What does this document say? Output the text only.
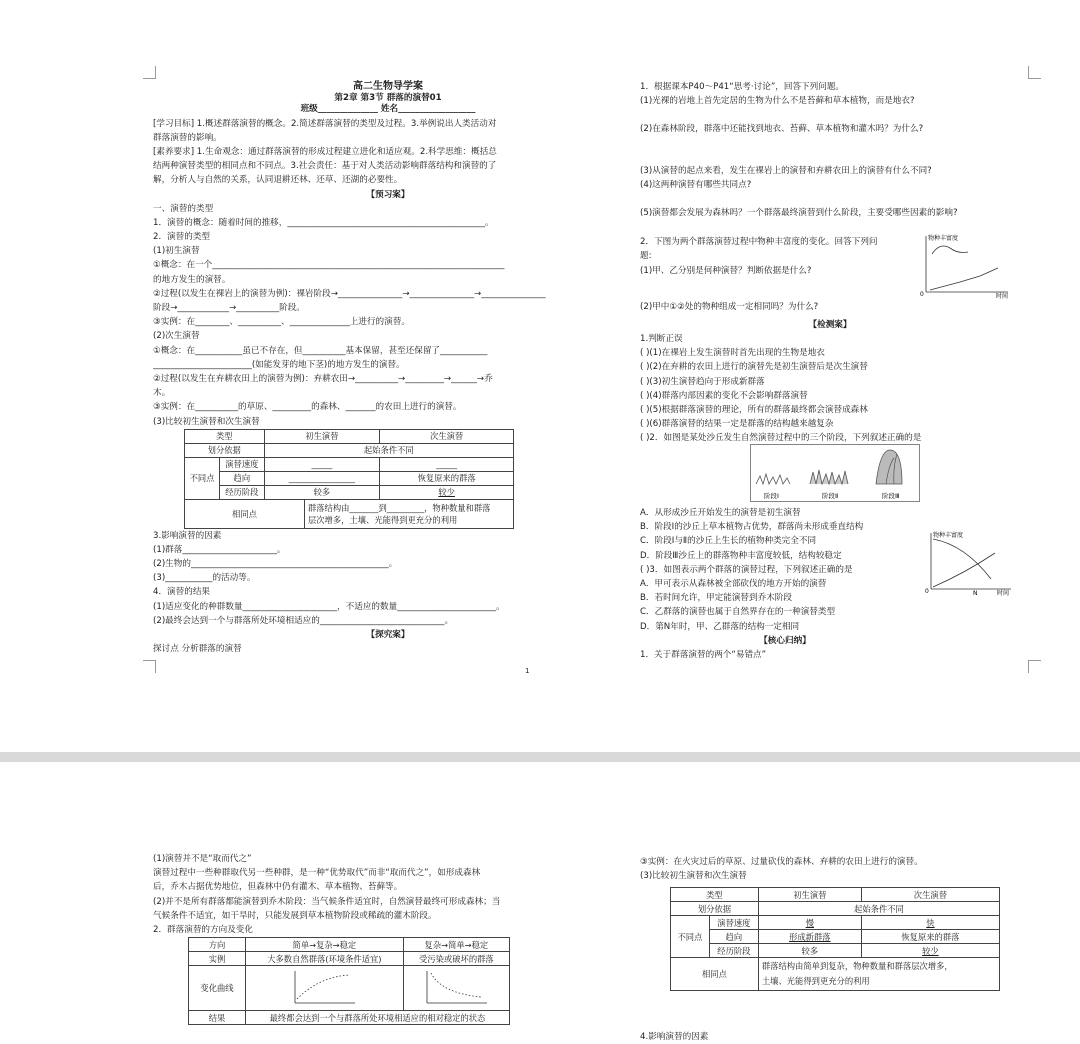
高二生物导学案
第2章 第3节 群落的演替01
班级______________ 姓名__________________
[学习目标] 1.概述群落演替的概念。2.简述群落演替的类型及过程。3.举例说出人类活动对
群落演替的影响。
[素养要求] 1.生命观念：通过群落演替的形成过程建立进化和适应观。2.科学思维：概括总
结两种演替类型的相同点和不同点。3.社会责任：基于对人类活动影响群落结构和演替的了
解，分析人与自然的关系，认同退耕还林、还草、还湖的必要性。
【预习案】
一、演替的类型
1．演替的概念：随着时间的推移，______________________________________________。
2．演替的类型
(1)初生演替
①概念：在一个____________________________________________________________________
的地方发生的演替。
②过程(以发生在裸岩上的演替为例)：裸岩阶段→_______________→_______________→_______________
阶段→____________→__________阶段。
③实例：在________、__________、______________上进行的演替。
(2)次生演替
①概念：在___________虽已不存在，但__________基本保留，甚至还保留了___________
_______________________(如能发芽的地下茎)的地方发生的演替。
②过程(以发生在弃耕农田上的演替为例)：弃耕农田→__________→_________→______→乔
木。
③实例：在__________的草原、_________的森林、_______的农田上进行的演替。
(3)比较初生演替和次生演替
类型		初生演替		次生演替
划分依据		起始条件不同		
不同点	演替速度	_____		_____
	趋向	________________		恢复原来的群落
	经历阶段	较多		较少
相同点			群落结构由_______到_________，物种数量和群落
层次增多，土壤、光能得到更充分的利用	
3.影响演替的因素
(1)群落______________________。
(2)生物的______________________________________________。
(3)___________的活动等。
4．演替的结果
(1)适应变化的种群数量______________________，不适应的数量_______________________。
(2)最终会达到一个与群落所处环境相适应的_____________________________。
【探究案】
探讨点 分析群落的演替
1
1．根据课本P40～P41“思考·讨论”，回答下列问题。
(1)光裸的岩地上首先定居的生物为什么不是苔藓和草本植物，而是地衣?
(2)在森林阶段，群落中还能找到地衣、苔藓、草本植物和灌木吗？为什么?
(3)从演替的起点来看，发生在裸岩上的演替和弃耕农田上的演替有什么不同?
(4)这两种演替有哪些共同点?
(5)演替都会发展为森林吗？一个群落最终演替到什么阶段，主要受哪些因素的影响?
2．下图为两个群落演替过程中物种丰富度的变化。回答下列问
题:
(1)甲、乙分别是何种演替？判断依据是什么?
(2)甲中①②处的物种组成一定相同吗？为什么?
物种丰富度
时间
0
【检测案】
1.判断正误
( )(1)在裸岩上发生演替时首先出现的生物是地衣
( )(2)在弃耕的农田上进行的演替先是初生演替后是次生演替
( )(3)初生演替趋向于形成新群落
( )(4)群落内部因素的变化不会影响群落演替
( )(5)根据群落演替的理论，所有的群落最终都会演替成森林
( )(6)群落演替的结果一定是群落的结构越来越复杂
( )2．如图是某处沙丘发生自然演替过程中的三个阶段，下列叙述正确的是
阶段Ⅰ	阶段Ⅱ	阶段Ⅲ
A．从形成沙丘开始发生的演替是初生演替
B．阶段Ⅰ的沙丘上草本植物占优势，群落尚未形成垂直结构
C．阶段Ⅰ与Ⅱ的沙丘上生长的植物种类完全不同
D．阶段Ⅲ沙丘上的群落物种丰富度较低，结构较稳定
( )3．如图表示两个群落的演替过程，下列叙述正确的是
A．甲可表示从森林被全部砍伐的地方开始的演替
B．若时间允许，甲定能演替到乔木阶段
C．乙群落的演替也属于自然界存在的一种演替类型
D．第N年时，甲、乙群落的结构一定相同
物种丰富度
时间
0	N
【核心归纳】
1．关于群落演替的两个“易错点”
(1)演替并不是“取而代之”
演替过程中一些种群取代另一些种群，是一种“优势取代”而非“取而代之”，如形成森林
后，乔木占据优势地位，但森林中仍有灌木、草本植物、苔藓等。
(2)并不是所有群落都能演替到乔木阶段：当气候条件适宜时，自然演替最终可形成森林；当
气候条件不适宜，如干旱时，只能发展到草本植物阶段或稀疏的灌木阶段。
2．群落演替的方向及变化
方向	简单→复杂→稳定	复杂→简单→稳定
实例	大多数自然群落(环境条件适宜)	受污染或破坏的群落
变化曲线		
结果	最终都会达到一个与群落所处环境相适应的相对稳定的状态	
③实例：在火灾过后的草原、过量砍伐的森林、弃耕的农田上进行的演替。
(3)比较初生演替和次生演替
类型		初生演替	次生演替
划分依据		起始条件不同	
不同点	演替速度	慢	快
	趋向	形成新群落	恢复原来的群落
	经历阶段	较多	较少
相同点		群落结构由简单到复杂，物种数量和群落层次增多，
土壤、光能得到更充分的利用	
4.影响演替的因素
